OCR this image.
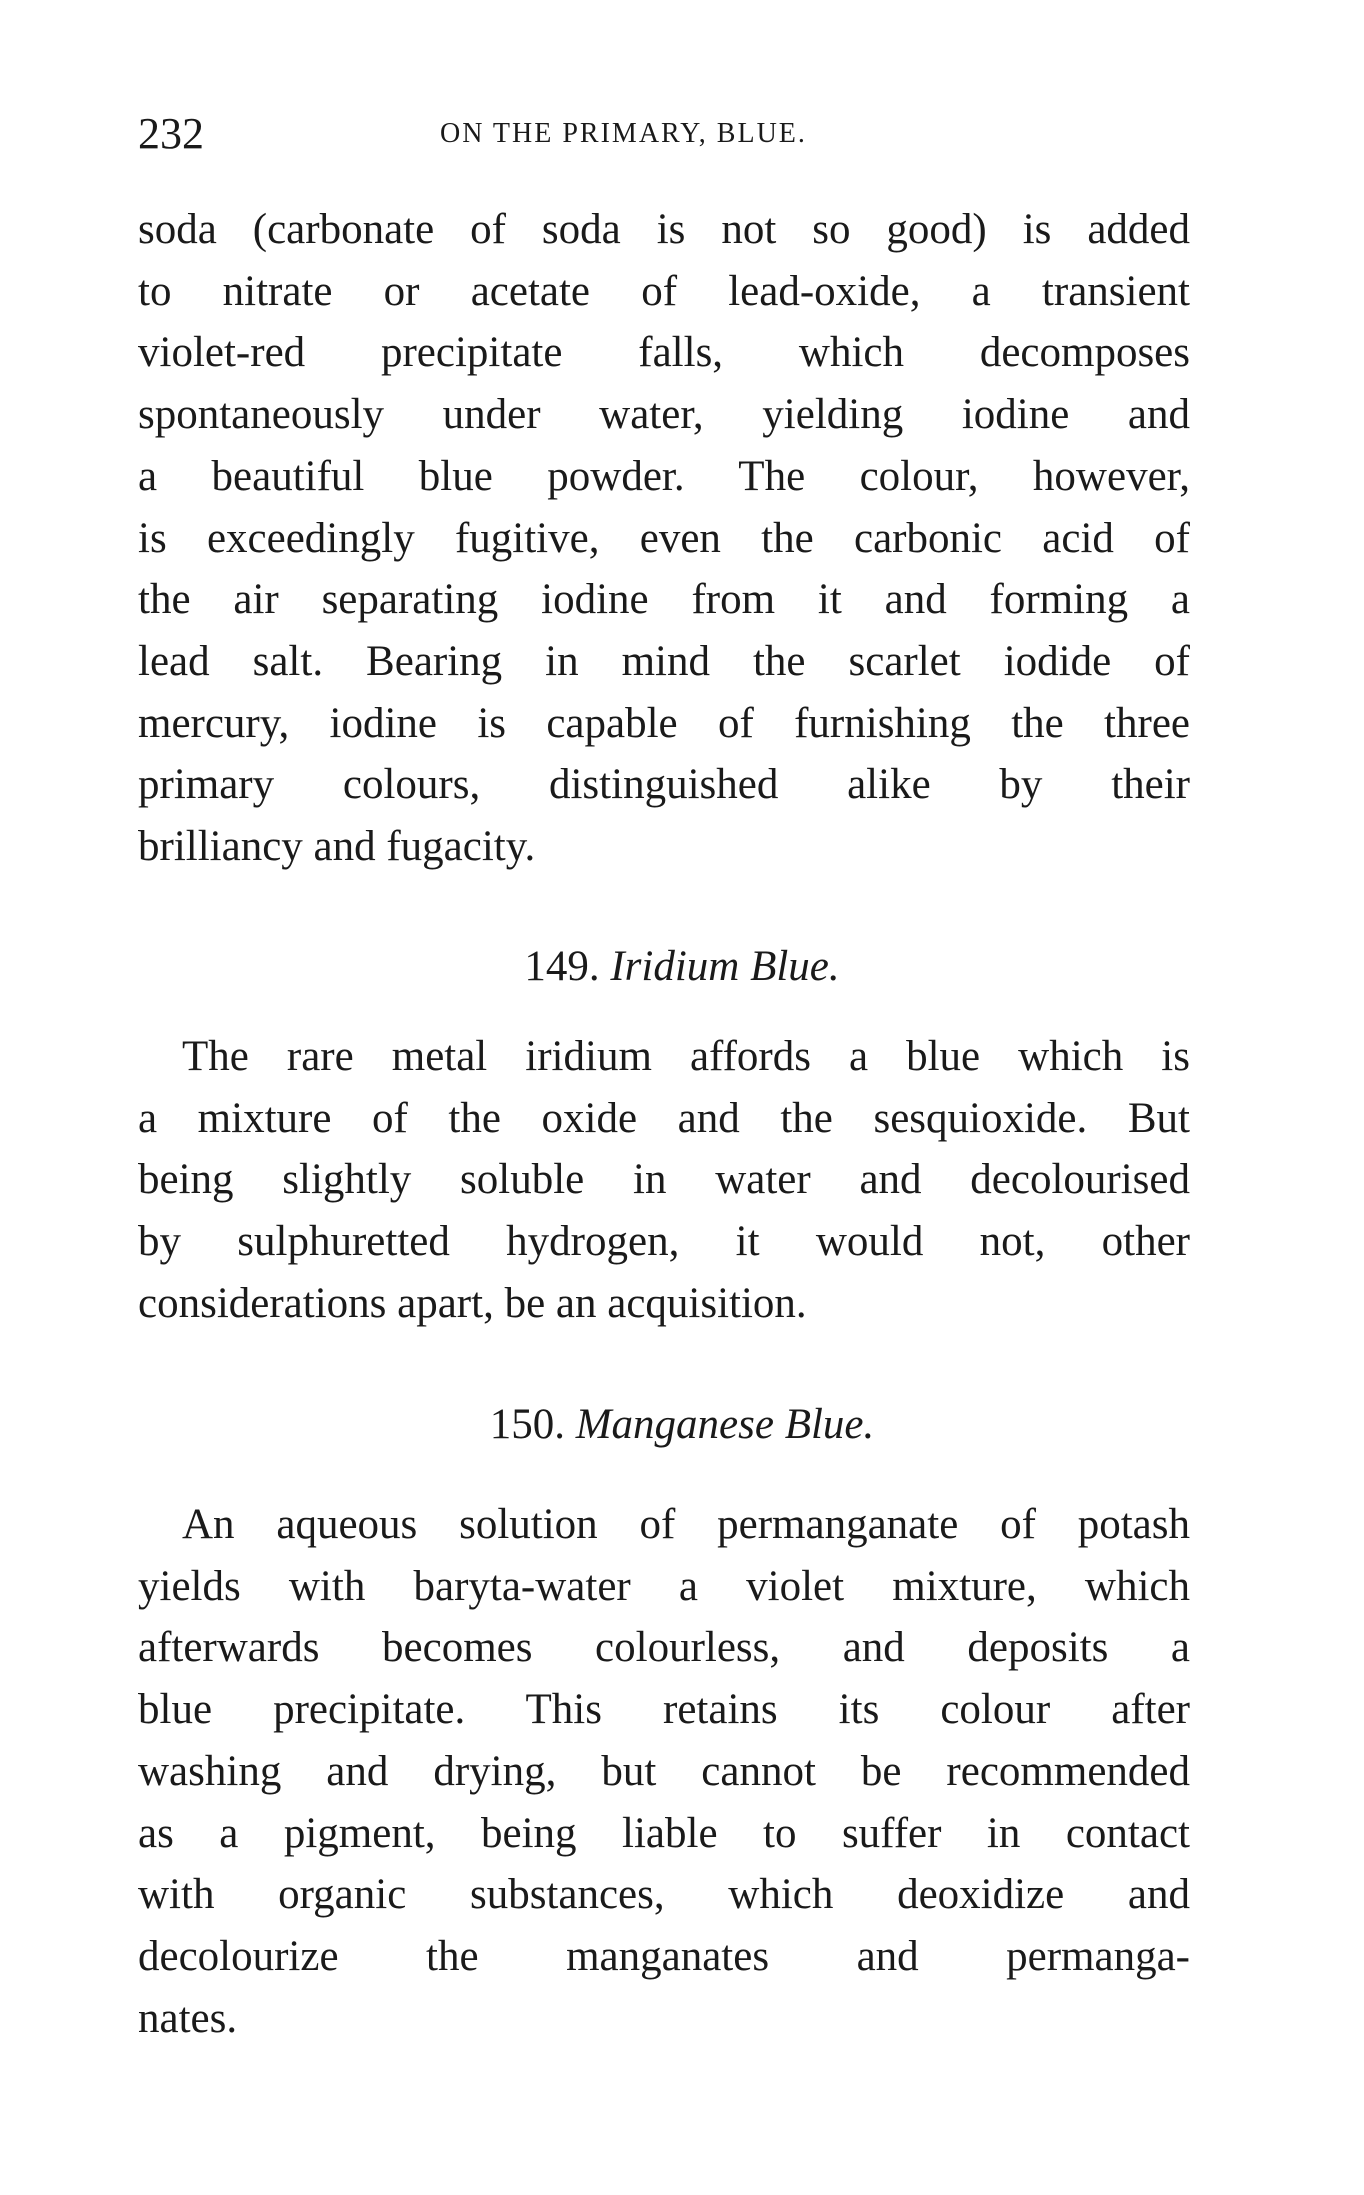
232	ON THE PRIMARY, BLUE.
soda (carbonate of soda is not so good) is added
to nitrate or acetate of lead-oxide, a transient
violet-red precipitate falls, which decomposes
spontaneously under water, yielding iodine and
a beautiful blue powder. The colour, however,
is exceedingly fugitive, even the carbonic acid of
the air separating iodine from it and forming a
lead salt. Bearing in mind the scarlet iodide of
mercury, iodine is capable of furnishing the three
primary colours, distinguished alike by their
brilliancy and fugacity.
149. Iridium Blue.
The rare metal iridium affords a blue which is
a mixture of the oxide and the sesquioxide. But
being slightly soluble in water and decolourised
by sulphuretted hydrogen, it would not, other
considerations apart, be an acquisition.
150. Manganese Blue.
An aqueous solution of permanganate of potash
yields with baryta-water a violet mixture, which
afterwards becomes colourless, and deposits a
blue precipitate. This retains its colour after
washing and drying, but cannot be recommended
as a pigment, being liable to suffer in contact
with organic substances, which deoxidize and
decolourize the manganates and permanga-
nates.
